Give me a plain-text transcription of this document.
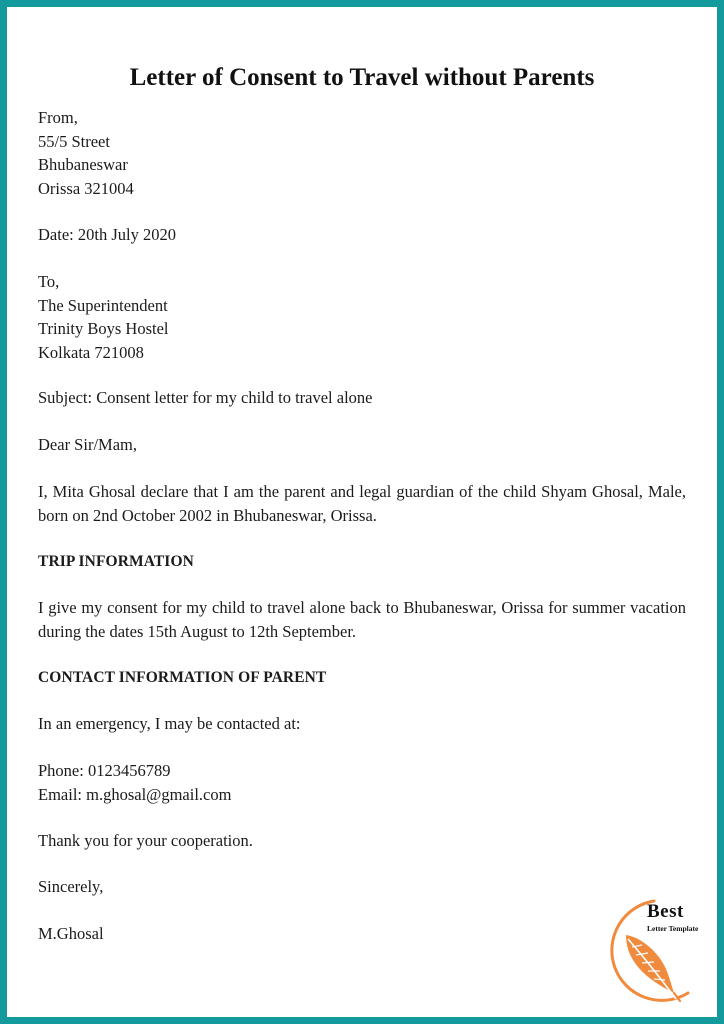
Letter of Consent to Travel without Parents
From,
55/5 Street
Bhubaneswar
Orissa 321004
Date: 20th July 2020
To,
The Superintendent
Trinity Boys Hostel
Kolkata 721008
Subject: Consent letter for my child to travel alone
Dear Sir/Mam,
I, Mita Ghosal declare that I am the parent and legal guardian of the child Shyam Ghosal, Male, born on 2nd October 2002 in Bhubaneswar, Orissa.
TRIP INFORMATION
I give my consent for my child to travel alone back to Bhubaneswar, Orissa for summer vacation during the dates 15th August to 12th September.
CONTACT INFORMATION OF PARENT
In an emergency, I may be contacted at:
Phone: 0123456789
Email: m.ghosal@gmail.com
Thank you for your cooperation.
Sincerely,
M.Ghosal
Best
Letter Template
